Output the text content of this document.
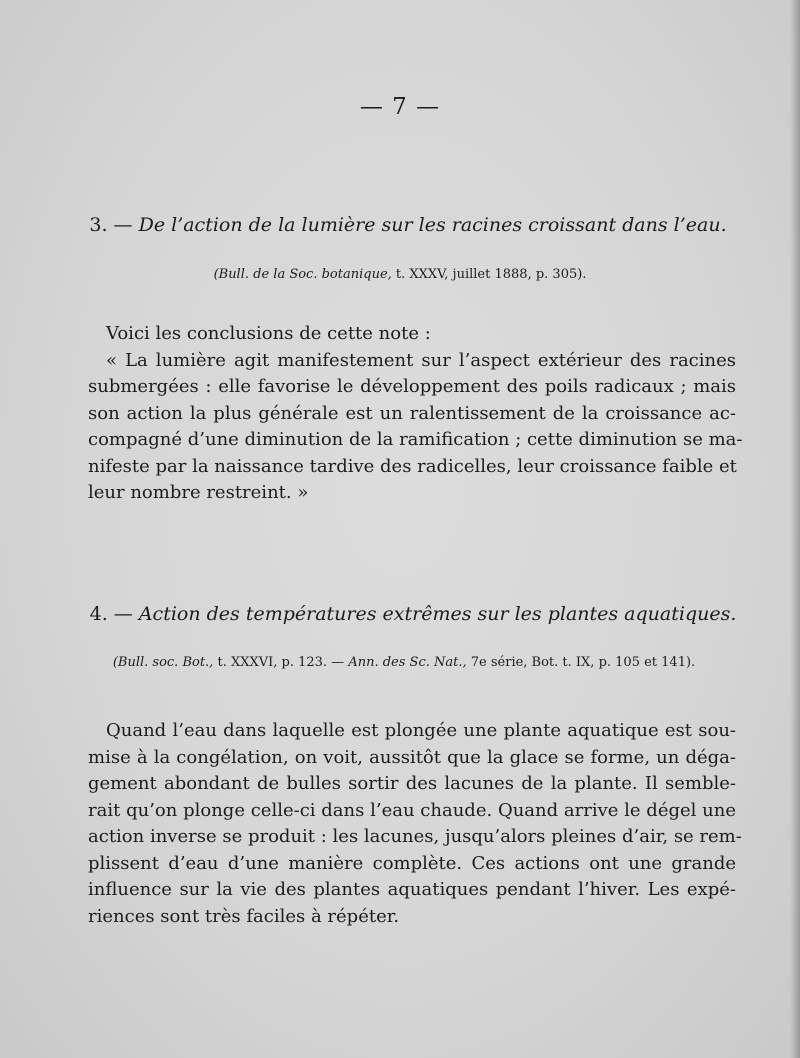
— 7 —
3. — De l’action de la lumière sur les racines croissant dans l’eau.
(Bull. de la Soc. botanique, t. XXXV, juillet 1888, p. 305).
Voici les conclusions de cette note :
« La lumière agit manifestement sur l’aspect extérieur des racines
submergées : elle favorise le développement des poils radicaux ; mais
son action la plus générale est un ralentissement de la croissance ac-
compagné d’une diminution de la ramification ; cette diminution se ma-
nifeste par la naissance tardive des radicelles, leur croissance faible et
leur nombre restreint. »
4. — Action des températures extrêmes sur les plantes aquatiques.
(Bull. soc. Bot., t. XXXVI, p. 123. — Ann. des Sc. Nat., 7e série, Bot. t. IX, p. 105 et 141).
Quand l’eau dans laquelle est plongée une plante aquatique est sou-
mise à la congélation, on voit, aussitôt que la glace se forme, un déga-
gement abondant de bulles sortir des lacunes de la plante. Il semble-
rait qu’on plonge celle-ci dans l’eau chaude. Quand arrive le dégel une
action inverse se produit : les lacunes, jusqu’alors pleines d’air, se rem-
plissent d’eau d’une manière complète. Ces actions ont une grande
influence sur la vie des plantes aquatiques pendant l’hiver. Les expé-
riences sont très faciles à répéter.
